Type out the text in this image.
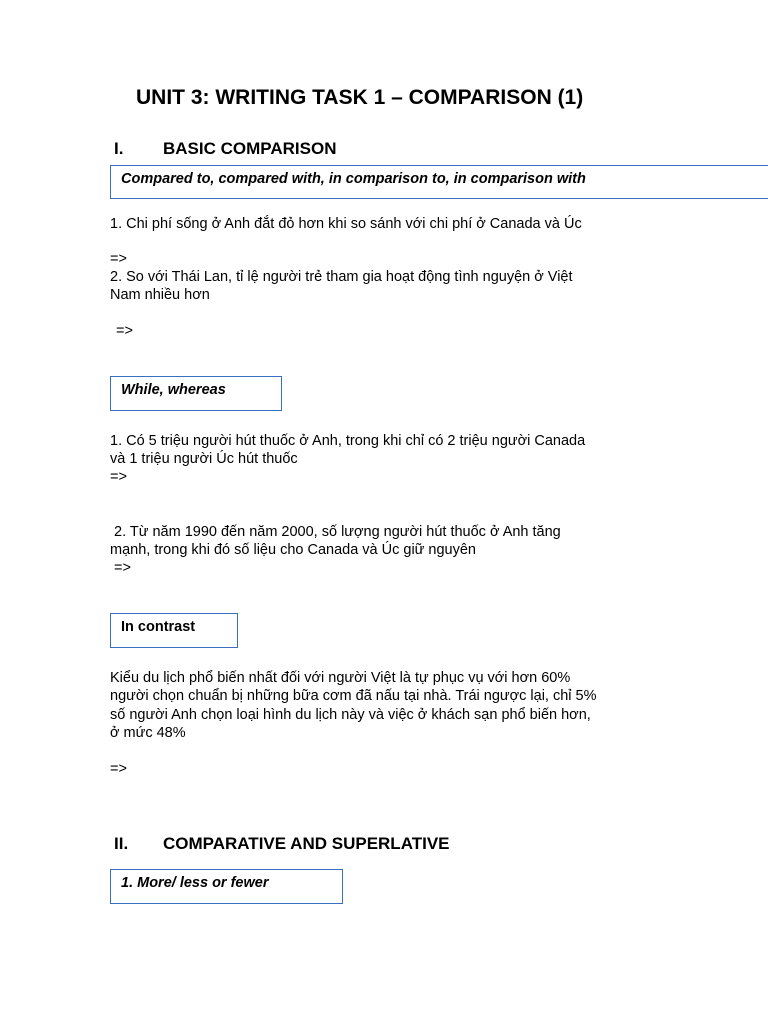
UNIT 3: WRITING TASK 1 – COMPARISON (1)
I. BASIC COMPARISON
Compared to, compared with, in comparison to, in comparison with
1. Chi phí sống ở Anh đắt đỏ hơn khi so sánh với chi phí ở Canada và Úc
=>
2. So với Thái Lan, tỉ lệ người trẻ tham gia hoạt động tình nguyện ở Việt
Nam nhiều hơn
=>
While, whereas
1. Có 5 triệu người hút thuốc ở Anh, trong khi chỉ có 2 triệu người Canada
và 1 triệu người Úc hút thuốc
=>
2. Từ năm 1990 đến năm 2000, số lượng người hút thuốc ở Anh tăng
mạnh, trong khi đó số liệu cho Canada và Úc giữ nguyên
=>
In contrast
Kiểu du lịch phổ biến nhất đối với người Việt là tự phục vụ với hơn 60%
người chọn chuẩn bị những bữa cơm đã nấu tại nhà. Trái ngược lại, chỉ 5%
số người Anh chọn loại hình du lịch này và việc ở khách sạn phổ biến hơn,
ở mức 48%
=>
II. COMPARATIVE AND SUPERLATIVE
1. More/ less or fewer
